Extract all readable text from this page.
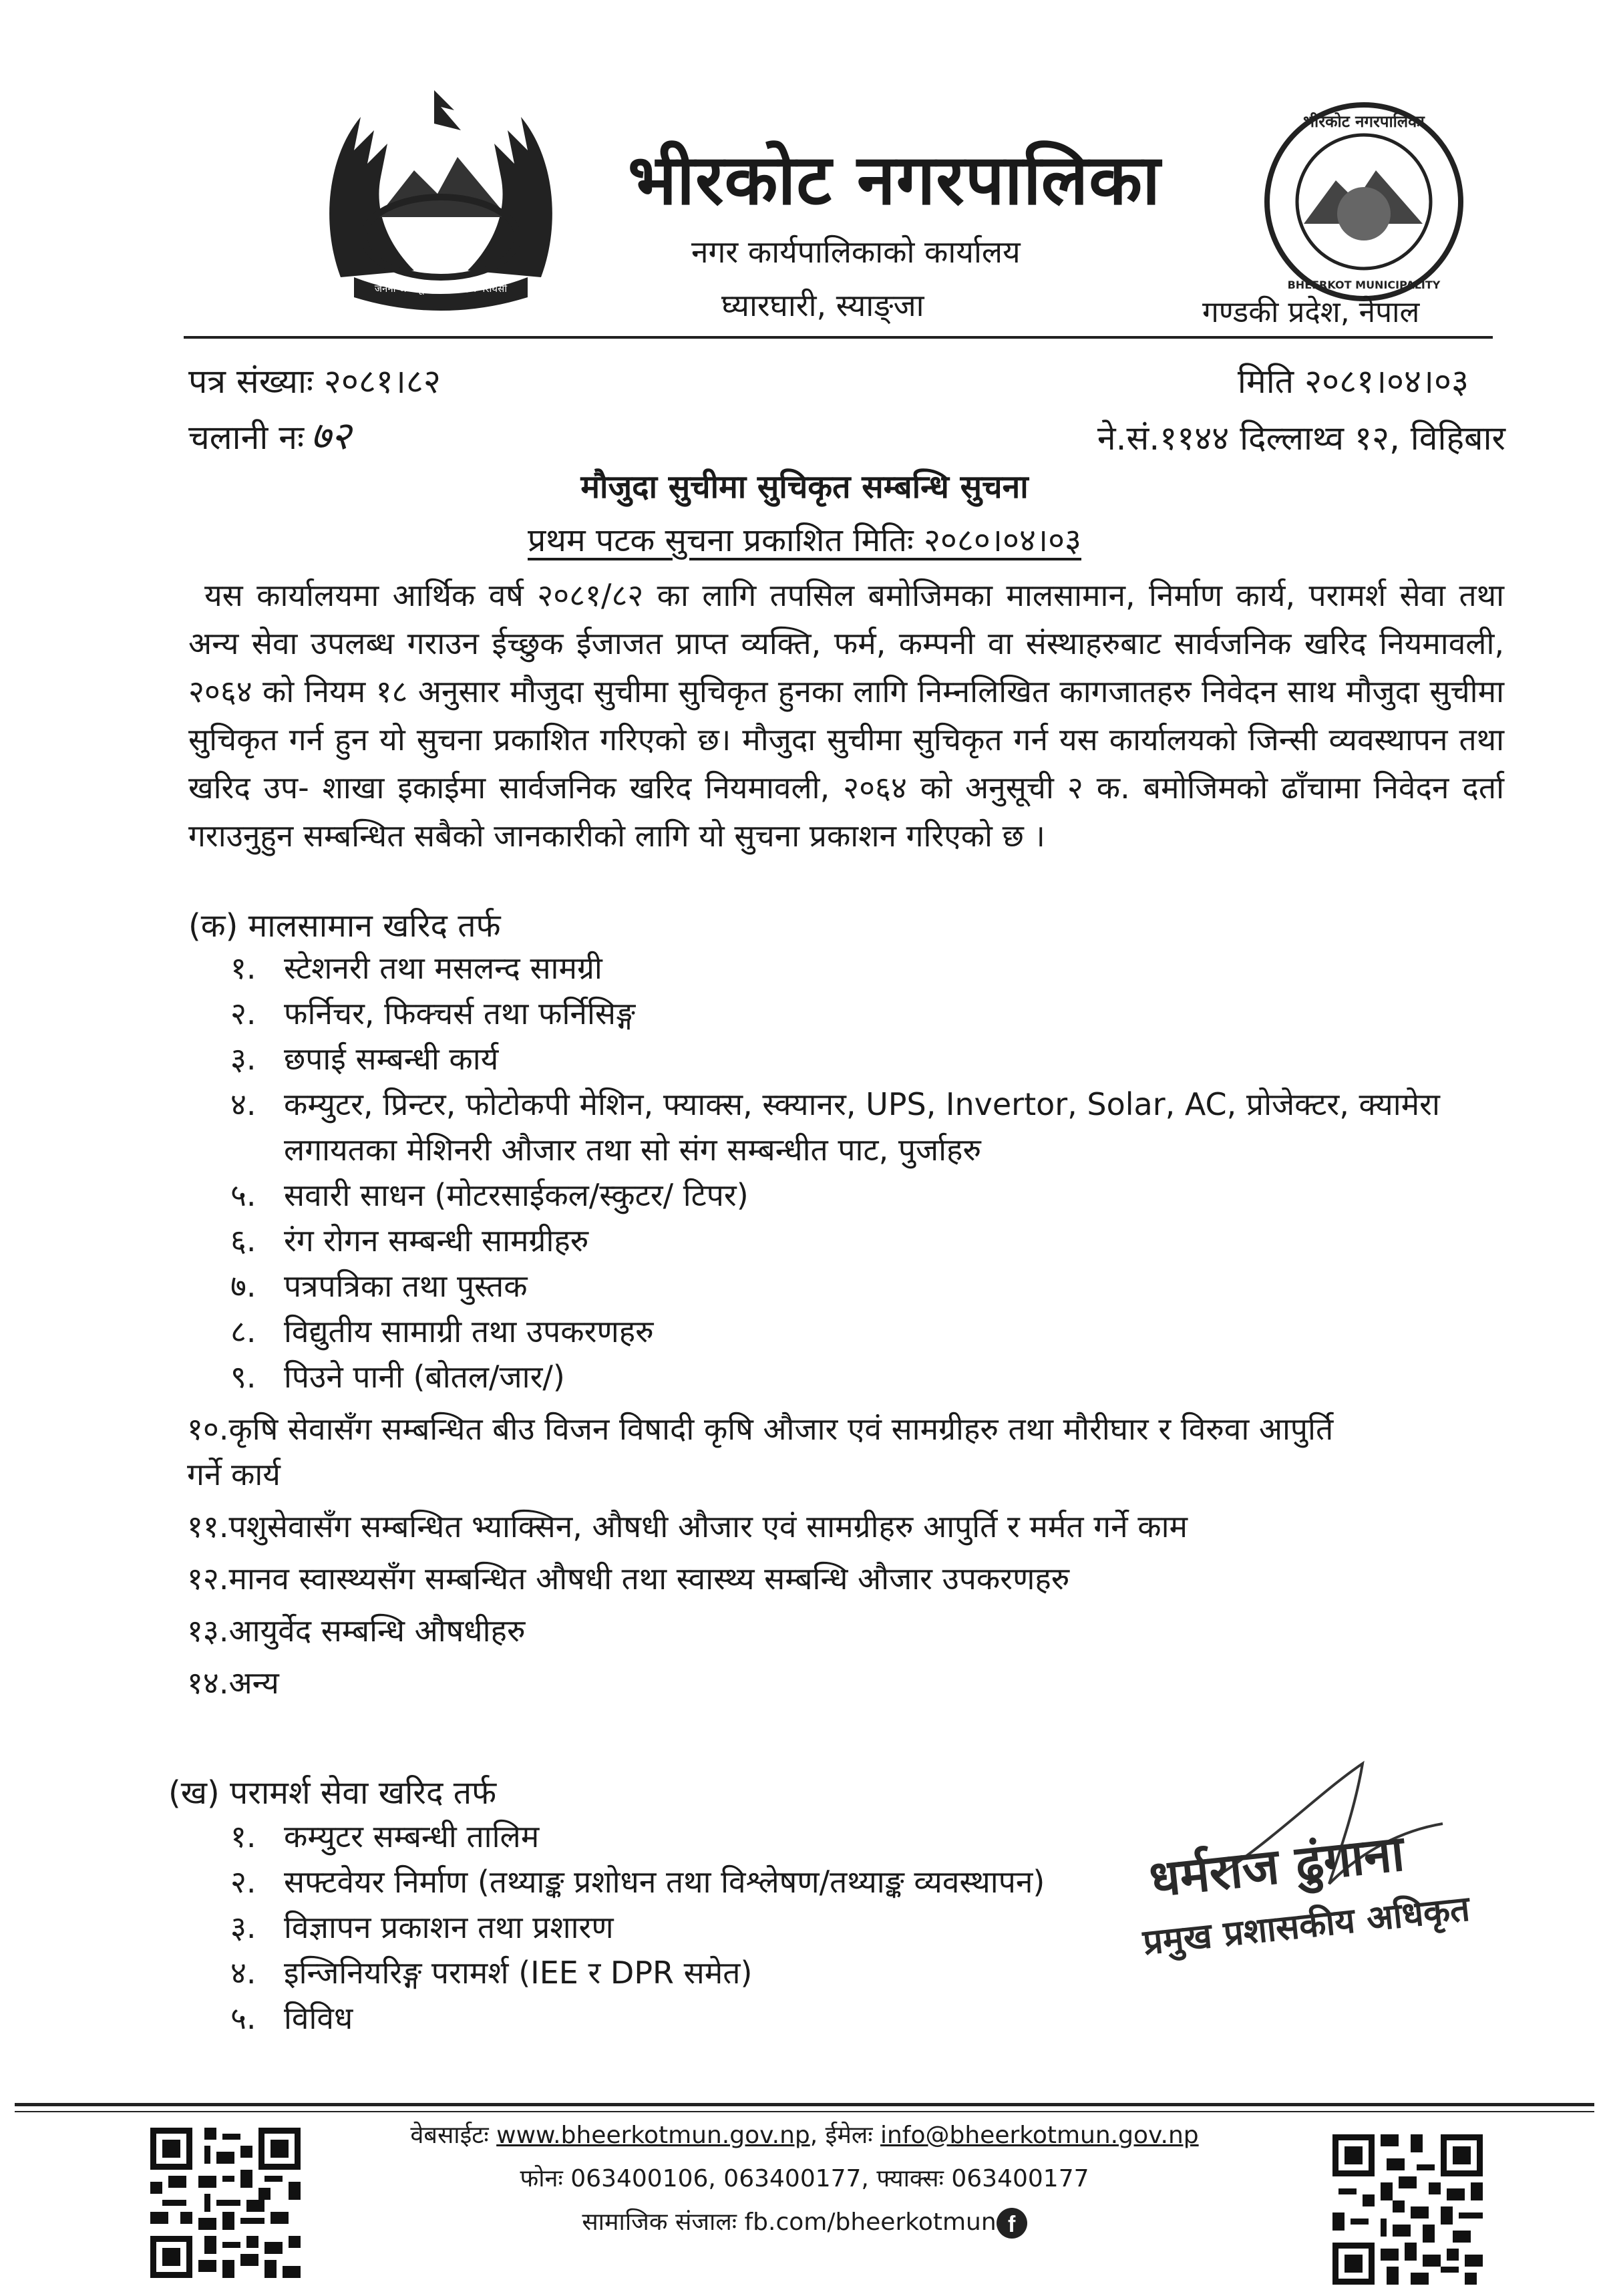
जननी जन्मभूमिश्च स्वर्गादपि गरीयसी
भीरकोट नगरपालिका
नगर कार्यपालिकाको कार्यालय
घ्यारघारी, स्याङ्जा
भीरकोट नगरपालिका
BHEERKOT MUNICIPALITY
गण्डकी प्रदेश, नेपाल
पत्र संख्याः २०८१।८२
चलानी नः ७२
मिति २०८१।०४।०३
ने.सं.११४४ दिल्लाथ्व १२, विहिबार
मौजुदा सुचीमा सुचिकृत सम्बन्धि सुचना
प्रथम पटक सुचना प्रकाशित मितिः २०८०।०४।०३
यस कार्यालयमा आर्थिक वर्ष २०८१/८२ का लागि तपसिल बमोजिमका मालसामान, निर्माण कार्य, परामर्श सेवा तथा अन्य सेवा उपलब्ध गराउन ईच्छुक ईजाजत प्राप्त व्यक्ति, फर्म, कम्पनी वा संस्थाहरुबाट सार्वजनिक खरिद नियमावली, २०६४ को नियम १८ अनुसार मौजुदा सुचीमा सुचिकृत हुनका लागि निम्नलिखित कागजातहरु निवेदन साथ मौजुदा सुचीमा सुचिकृत गर्न हुन यो सुचना प्रकाशित गरिएको छ। मौजुदा सुचीमा सुचिकृत गर्न यस कार्यालयको जिन्सी व्यवस्थापन तथा खरिद उप- शाखा इकाईमा सार्वजनिक खरिद नियमावली, २०६४ को अनुसूची २ क. बमोजिमको ढाँचामा निवेदन दर्ता गराउनुहुन सम्बन्धित सबैको जानकारीको लागि यो सुचना प्रकाशन गरिएको छ ।
(क) मालसामान खरिद तर्फ
१. स्टेशनरी तथा मसलन्द सामग्री
२. फर्निचर, फिक्चर्स तथा फर्निसिङ्ग
३. छपाई सम्बन्धी कार्य
४. कम्युटर, प्रिन्टर, फोटोकपी मेशिन, फ्याक्स, स्क्यानर, UPS, Invertor, Solar, AC, प्रोजेक्टर, क्यामेरा
लगायतका मेशिनरी औजार तथा सो संग सम्बन्धीत पाट, पुर्जाहरु
५. सवारी साधन (मोटरसाईकल/स्कुटर/ टिपर)
६. रंग रोगन सम्बन्धी सामग्रीहरु
७. पत्रपत्रिका तथा पुस्तक
८. विद्युतीय सामाग्री तथा उपकरणहरु
९. पिउने पानी (बोतल/जार/)
१०.कृषि सेवासँग सम्बन्धित बीउ विजन विषादी कृषि औजार एवं सामग्रीहरु तथा मौरीघार र विरुवा आपुर्ति
गर्ने कार्य
११.पशुसेवासँग सम्बन्धित भ्याक्सिन, औषधी औजार एवं सामग्रीहरु आपुर्ति र मर्मत गर्ने काम
१२.मानव स्वास्थ्यसँग सम्बन्धित औषधी तथा स्वास्थ्य सम्बन्धि औजार उपकरणहरु
१३.आयुर्वेद सम्बन्धि औषधीहरु
१४.अन्य
(ख) परामर्श सेवा खरिद तर्फ
१. कम्युटर सम्बन्धी तालिम
२. सफ्टवेयर निर्माण (तथ्याङ्क प्रशोधन तथा विश्लेषण/तथ्याङ्क व्यवस्थापन)
३. विज्ञापन प्रकाशन तथा प्रशारण
४. इन्जिनियरिङ्ग परामर्श (IEE र DPR समेत)
५. विविध
धर्मराज ढुंगाना
प्रमुख प्रशासकीय अधिकृत
वेबसाईटः www.bheerkotmun.gov.np, ईमेलः info@bheerkotmun.gov.np
फोनः 063400106, 063400177, फ्याक्सः 063400177
सामाजिक संजालः fb.com/bheerkotmun f
